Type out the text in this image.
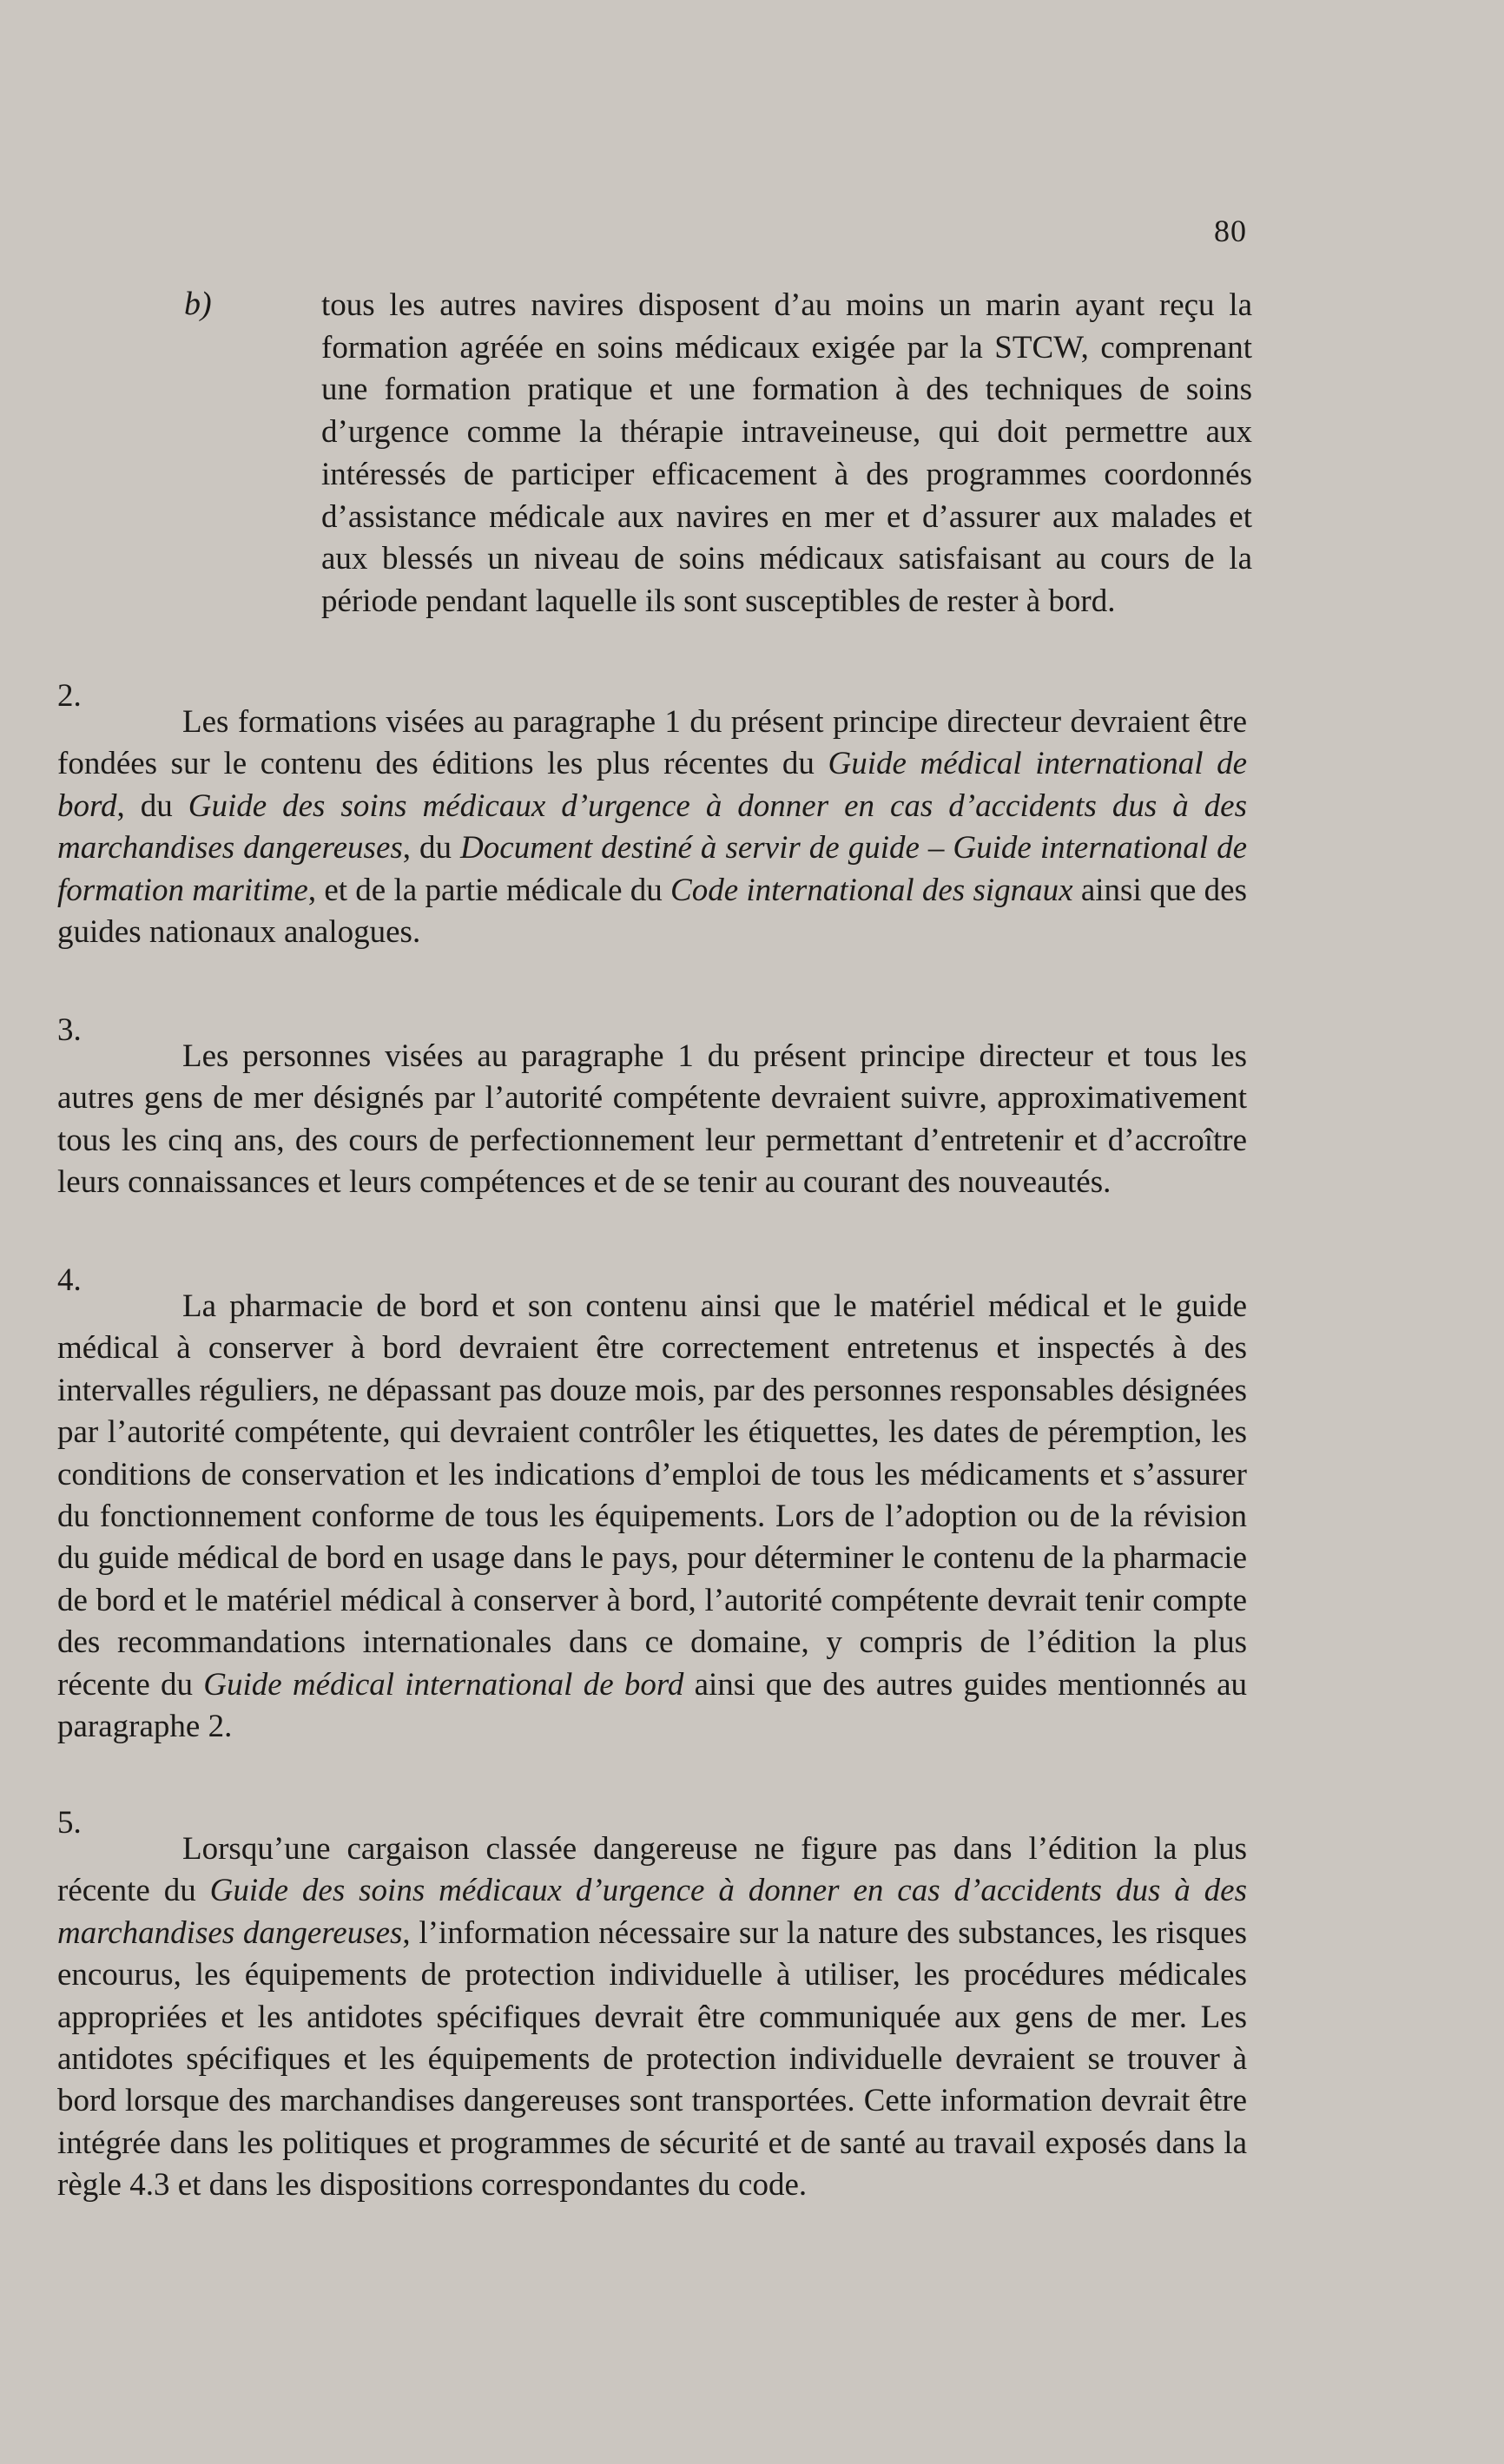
80
b)	tous les autres navires disposent d’au moins un marin ayant reçu la formation agréée en soins médicaux exigée par la STCW, comprenant une formation pratique et une formation à des techniques de soins d’urgence comme la thérapie intraveineuse, qui doit permettre aux intéressés de participer efficacement à des programmes coordonnés d’assistance médicale aux navires en mer et d’assurer aux malades et aux blessés un niveau de soins médicaux satisfaisant au cours de la période pendant laquelle ils sont susceptibles de rester à bord.
2.
Les formations visées au paragraphe 1 du présent principe directeur devraient être fondées sur le contenu des éditions les plus récentes du Guide médical international de bord, du Guide des soins médicaux d’urgence à donner en cas d’accidents dus à des marchandises dangereuses, du Document destiné à servir de guide – Guide international de formation maritime, et de la partie médicale du Code international des signaux ainsi que des guides nationaux analogues.
3.
Les personnes visées au paragraphe 1 du présent principe directeur et tous les autres gens de mer désignés par l’autorité compétente devraient suivre, approximativement tous les cinq ans, des cours de perfectionnement leur permettant d’entretenir et d’accroître leurs connaissances et leurs compétences et de se tenir au courant des nouveautés.
4.
La pharmacie de bord et son contenu ainsi que le matériel médical et le guide médical à conserver à bord devraient être correctement entretenus et inspectés à des intervalles réguliers, ne dépassant pas douze mois, par des personnes responsables désignées par l’autorité compétente, qui devraient contrôler les étiquettes, les dates de péremption, les conditions de conservation et les indications d’emploi de tous les médicaments et s’assurer du fonctionnement conforme de tous les équipements. Lors de l’adoption ou de la révision du guide médical de bord en usage dans le pays, pour déterminer le contenu de la pharmacie de bord et le matériel médical à conserver à bord, l’autorité compétente devrait tenir compte des recommandations internationales dans ce domaine, y compris de l’édition la plus récente du Guide médical international de bord ainsi que des autres guides mentionnés au paragraphe 2.
5.
Lorsqu’une cargaison classée dangereuse ne figure pas dans l’édition la plus récente du Guide des soins médicaux d’urgence à donner en cas d’accidents dus à des marchandises dangereuses, l’information nécessaire sur la nature des substances, les risques encourus, les équipements de protection individuelle à utiliser, les procédures médicales appropriées et les antidotes spécifiques devrait être communiquée aux gens de mer. Les antidotes spécifiques et les équipements de protection individuelle devraient se trouver à bord lorsque des marchandises dangereuses sont transportées. Cette information devrait être intégrée dans les politiques et programmes de sécurité et de santé au travail exposés dans la règle 4.3 et dans les dispositions correspondantes du code.
